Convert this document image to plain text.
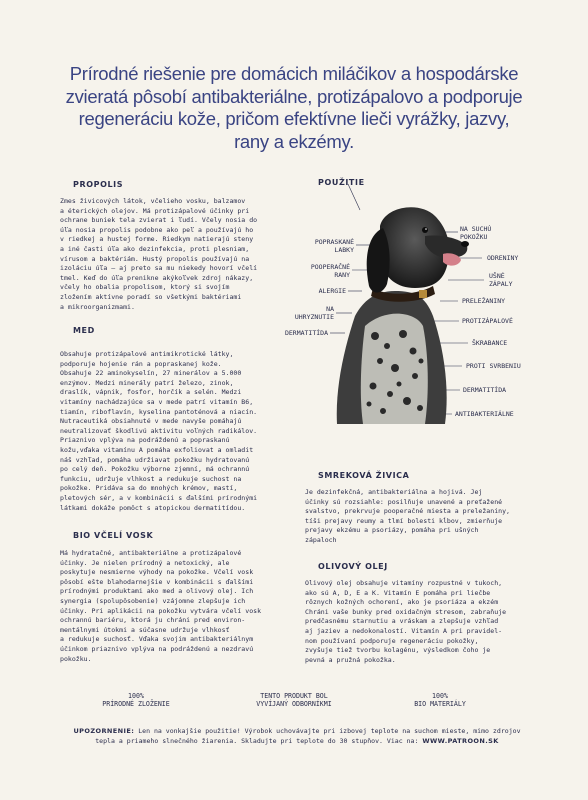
Prírodné riešenie pre domácich miláčikov a hospodárske zvieratá pôsobí antibakteriálne, protizápalovo a podporuje regeneráciu kože, pričom efektívne lieči vyrážky, jazvy, rany a ekzémy.
PROPOLIS
Zmes živicových látok, včelieho vosku, balzamov
a éterických olejov. Má protizápalové účinky pri
ochrane buniek tela zvierat i ľudí. Včely nosia do
úľa nosia propolis podobne ako peľ a používajú ho
v riedkej a hustej forme. Riedkym natierajú steny
a iné časti úľa ako dezinfekcia, proti plesniam,
vírusom a baktériám. Hustý propolis používajú na
izoláciu úľa – aj preto sa mu niekedy hovorí včelí
tmel. Keď do úľa prenikne akýkoľvek zdroj nákazy,
včely ho obalia propolisom, ktorý si svojím
zložením aktívne poradí so všetkými baktériami
a mikroorganizmami.
MED
Obsahuje protizápalové antimikrotické látky,
podporuje hojenie rán a popraskanej kože.
Obsahuje 22 aminokyselín, 27 minerálov a 5.000
enzýmov. Medzi minerály patrí železo, zinok,
draslík, vápnik, fosfor, horčík a selén. Medzi
vitamíny nachádzajúce sa v mede patrí vitamín B6,
tiamín, riboflavín, kyselina pantoténová a niacín.
Nutraceutiká obsiahnuté v mede navyše pomáhajú
neutralizovať škodlivú aktivitu voľných radikálov.
Priaznivo vplýva na podráždenú a popraskanú
kožu,vďaka vitamínu A pomáha exfoliovat a omladit
náš vzhľad, pomáha udržiavat pokožku hydratovanú
po celý deň. Pokožku výborne zjemní, má ochrannú
funkciu, udržuje vlhkost a redukuje suchost na
pokožke. Pridáva sa do mnohých krémov, mastí,
pletových sér, a v kombinácii s ďalšími prírodnými
látkami dokáže pomôct s atopickou dermatitídou.
BIO VČELÍ VOSK
Má hydratačné, antibakteriálne a protizápalové
účinky. Je nielen prírodný a netoxický, ale
poskytuje nesmierne výhody na pokožke. Včelí vosk
pôsobí ešte blahodarnejšie v kombinácii s ďalšími
prírodnými produktami ako med a olivový olej. Ich
synergia (spolupôsobenie) vzájomne zlepšuje ich
účinky. Pri aplikácii na pokožku vytvára včelí vosk
ochrannú bariéru, ktorá ju chráni pred environ-
mentálnymi útokmi a súčasne udržuje vlhkosť
a redukuje suchosť. Vďaka svojim antibakteriálnym
účinkom priaznivo vplýva na podráždenú a nezdravú
pokožku.
SMREKOVÁ ŽIVICA
Je dezinfekčná, antibakteriálna a hojivá. Jej
účinky sú rozsiahle: posilňuje unavené a preťažené
svalstvo, prekrvuje pooperačné miesta a preležaniny,
tíši prejavy reumy a tlmí bolesti kĺbov, zmierňuje
prejavy ekzému a psoriázy, pomáha pri ušných
zápaloch
OLIVOVÝ OLEJ
Olivový olej obsahuje vitamíny rozpustné v tukoch,
ako sú A, D, E a K. Vitamín E pomáha pri liečbe
rôznych kožných ochorení, ako je psoriáza a ekzém
Chráni vaše bunky pred oxidačným stresom, zabraňuje
predčasnému starnutiu a vráskam a zlepšuje vzhľad
aj jaziev a nedokonalostí. Vitamín A pri pravidel-
nom používaní podporuje regeneráciu pokožky,
zvyšuje tiež tvorbu kolagénu, výsledkom čoho je
pevná a pružná pokožka.
POUŽITIE
POPRASKANÉ
LABKY
POOPERAČNÉ
RANY
ALERGIE
NA
UHRYZNUTIE
DERMATITÍDA
NA SUCHÚ
POKOŽKU
ODRENINY
UŠNÉ
ZÁPALY
PRELEŽANINY
PROTIZÁPALOVÉ
ŠKRABANCE
PROTI SVRBENIU
DERMATITÍDA
ANTIBAKTERIÁLNE
100%
PRÍRODNÉ ZLOŽENIE
TENTO PRODUKT BOL
VYVÍJANÝ ODBORNÍKMI
100%
BIO MATERIÁLY
UPOZORNENIE: Len na vonkajšie použitie! Výrobok uchovávajte pri izbovej teplote na suchom mieste, mimo zdrojov tepla a priameho slnečného žiarenia. Skladujte pri teplote do 30 stupňov. Viac na: WWW.PATROON.SK
